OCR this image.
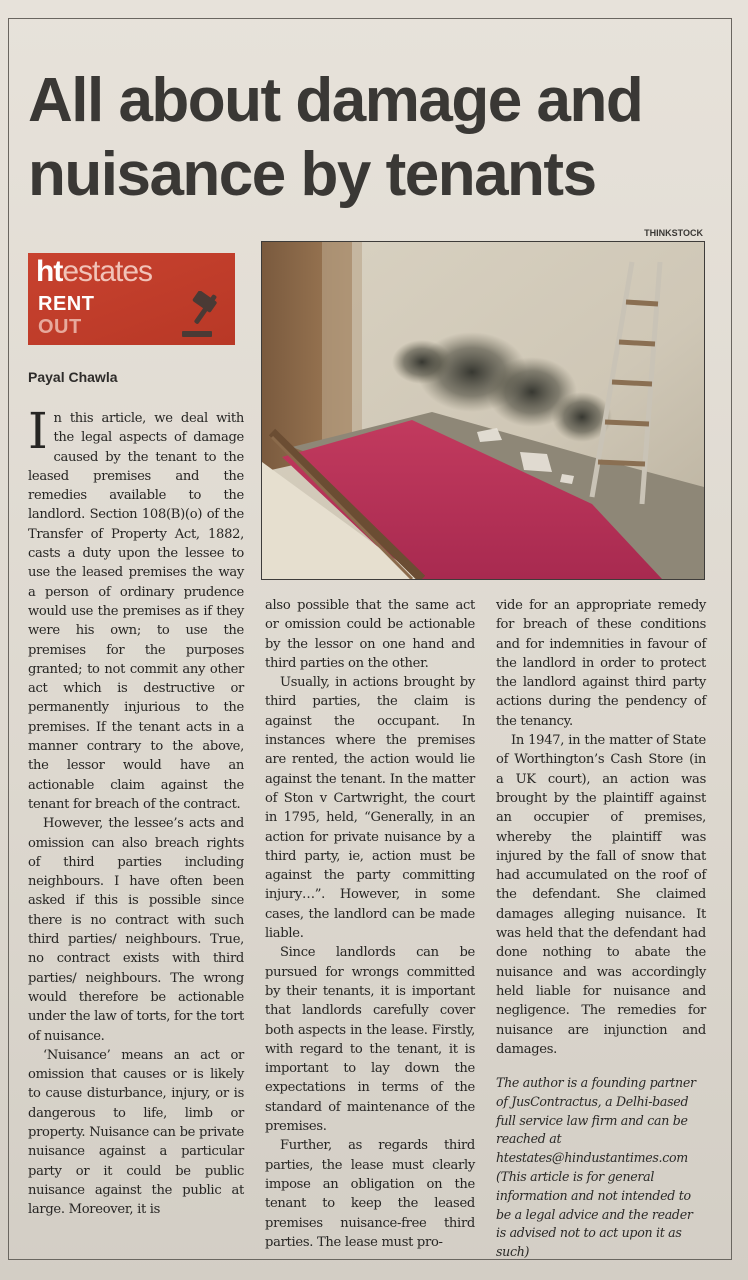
All about damage and nuisance by tenants
THINKSTOCK
htestates
RENT
OUT

Payal Chawla

In this article, we deal with the legal aspects of damage caused by the tenant to the leased premises and the remedies available to the landlord. Section 108(B)(o) of the Transfer of Property Act, 1882, casts a duty upon the lessee to use the leased premises the way a person of ordinary prudence would use the premises as if they were his own; to use the premises for the purposes granted; to not commit any other act which is destructive or permanently injurious to the premises. If the tenant acts in a manner contrary to the above, the lessor would have an actionable claim against the tenant for breach of the contract.

However, the lessee’s acts and omission can also breach rights of third parties including neighbours. I have often been asked if this is possible since there is no contract with such third parties/ neighbours. True, no contract exists with third parties/ neighbours. The wrong would therefore be actionable under the law of torts, for the tort of nuisance.

‘Nuisance’ means an act or omission that causes or is likely to cause disturbance, injury, or is dangerous to life, limb or property. Nuisance can be private nuisance against a particular party or it could be public nuisance against the public at large. Moreover, it is

also possible that the same act or omission could be actionable by the lessor on one hand and third parties on the other.

Usually, in actions brought by third parties, the claim is against the occupant. In instances where the premises are rented, the action would lie against the tenant. In the matter of Ston v Cartwright, the court in 1795, held, “Generally, in an action for private nuisance by a third party, ie, action must be against the party committing injury…”. However, in some cases, the landlord can be made liable.

Since landlords can be pursued for wrongs committed by their tenants, it is important that landlords carefully cover both aspects in the lease. Firstly, with regard to the tenant, it is important to lay down the expectations in terms of the standard of maintenance of the premises.

Further, as regards third parties, the lease must clearly impose an obligation on the tenant to keep the leased premises nuisance-free third parties. The lease must pro-

vide for an appropriate remedy for breach of these conditions and for indemnities in favour of the landlord in order to protect the landlord against third party actions during the pendency of the tenancy.

In 1947, in the matter of State of Worthington’s Cash Store (in a UK court), an action was brought by the plaintiff against an occupier of premises, whereby the plaintiff was injured by the fall of snow that had accumulated on the roof of the defendant. She claimed damages alleging nuisance. It was held that the defendant had done nothing to abate the nuisance and was accordingly held liable for nuisance and negligence. The remedies for nuisance are injunction and damages.

The author is a founding partner of JusContractus, a Delhi-based full service law firm and can be reached at htestates@hindustantimes.com (This article is for general information and not intended to be a legal advice and the reader is advised not to act upon it as such)
